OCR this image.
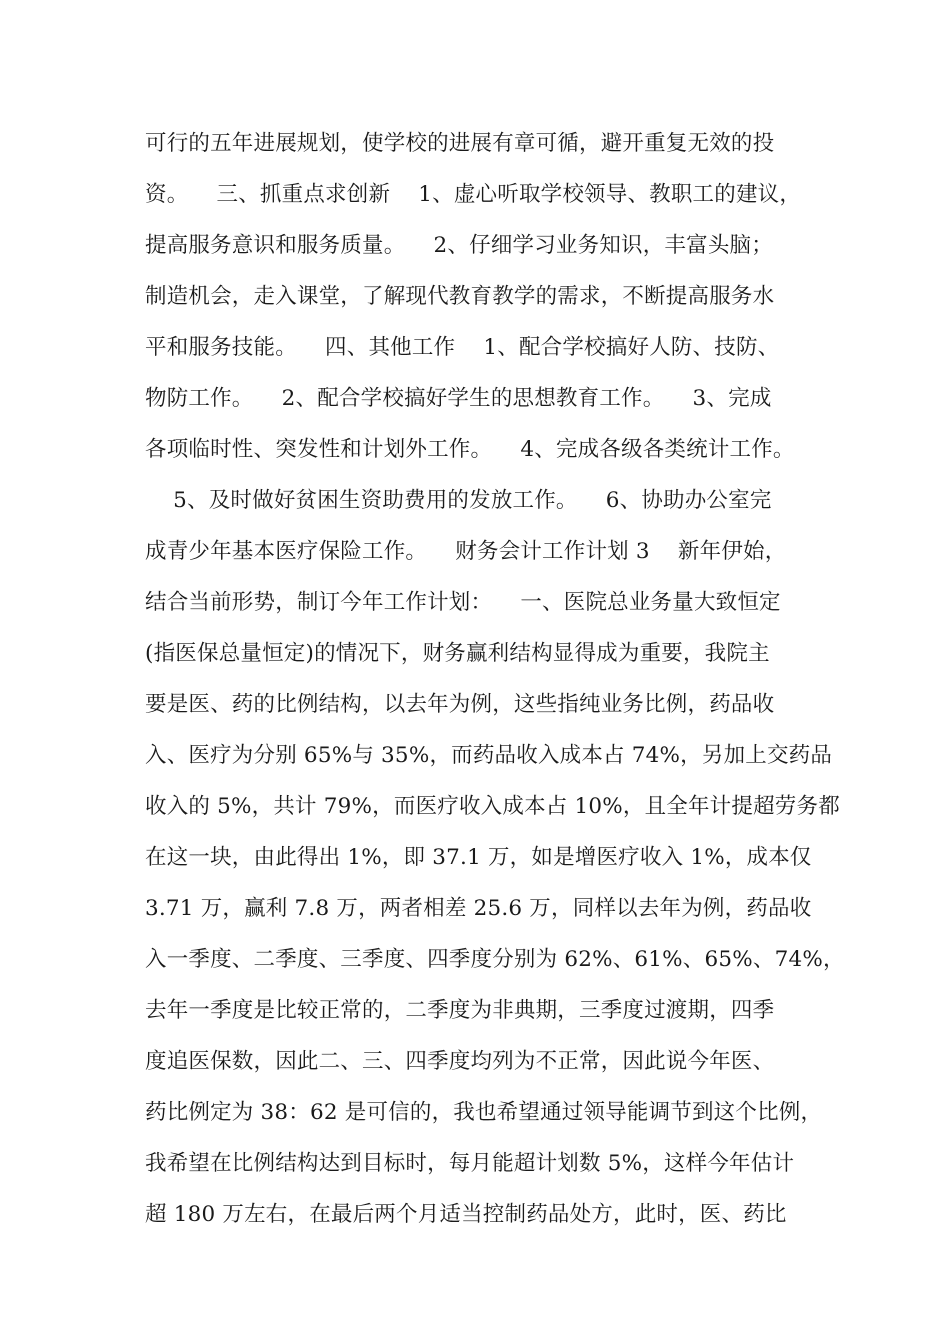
可行的五年进展规划，使学校的进展有章可循，避开重复无效的投
资。    三、抓重点求创新    1、虚心听取学校领导、教职工的建议，
提高服务意识和服务质量。    2、仔细学习业务知识，丰富头脑；
制造机会，走入课堂，了解现代教育教学的需求，不断提高服务水
平和服务技能。    四、其他工作    1、配合学校搞好人防、技防、
物防工作。    2、配合学校搞好学生的思想教育工作。    3、完成
各项临时性、突发性和计划外工作。    4、完成各级各类统计工作。
5、及时做好贫困生资助费用的发放工作。    6、协助办公室完
成青少年基本医疗保险工作。    财务会计工作计划 3    新年伊始，
结合当前形势，制订今年工作计划：    一、医院总业务量大致恒定
(指医保总量恒定)的情况下，财务赢利结构显得成为重要，我院主
要是医、药的比例结构，以去年为例，这些指纯业务比例，药品收
入、医疗为分别 65%与 35%，而药品收入成本占 74%，另加上交药品
收入的 5%，共计 79%，而医疗收入成本占 10%，且全年计提超劳务都
在这一块，由此得出 1%，即 37.1 万，如是增医疗收入 1%，成本仅
3.71 万，赢利 7.8 万，两者相差 25.6 万，同样以去年为例，药品收
入一季度、二季度、三季度、四季度分别为 62%、61%、65%、74%，
去年一季度是比较正常的，二季度为非典期，三季度过渡期，四季
度追医保数，因此二、三、四季度均列为不正常，因此说今年医、
药比例定为 38：62 是可信的，我也希望通过领导能调节到这个比例，
我希望在比例结构达到目标时，每月能超计划数 5%，这样今年估计
超 180 万左右，在最后两个月适当控制药品处方，此时，医、药比
